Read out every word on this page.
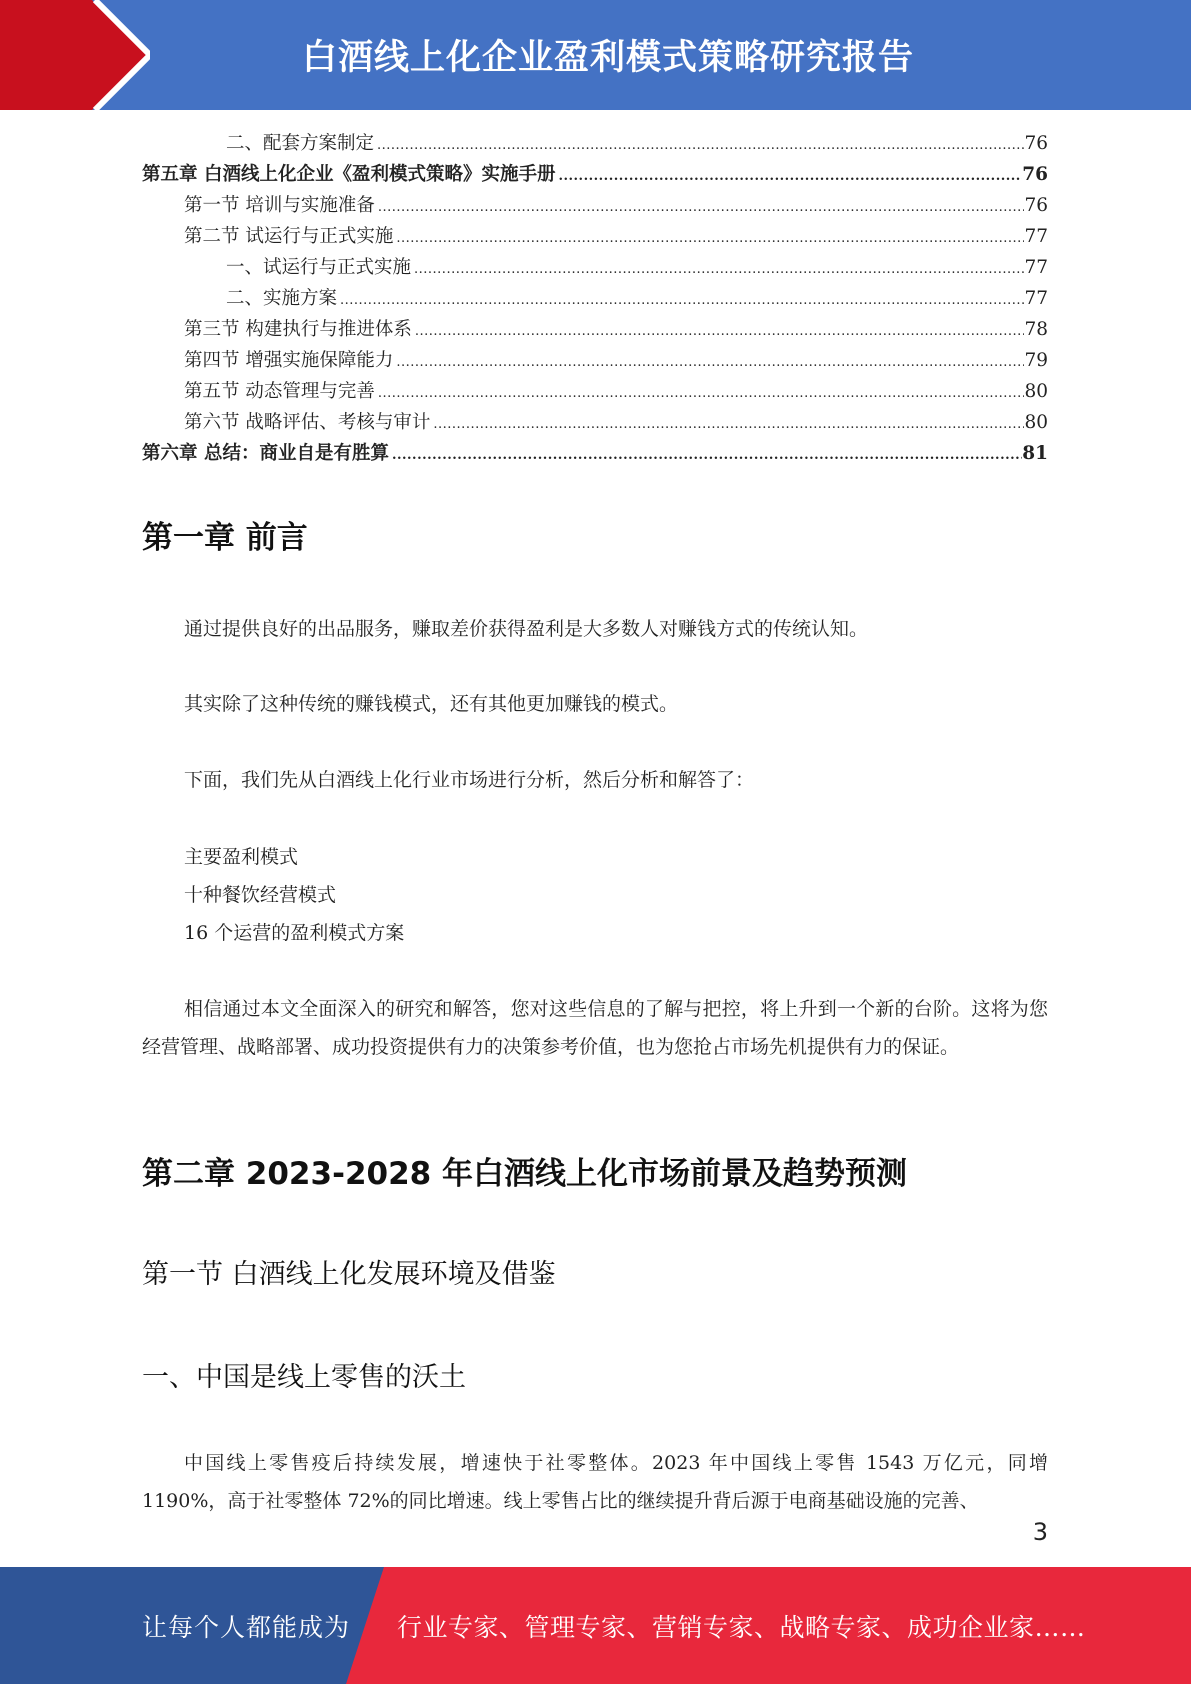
白酒线上化企业盈利模式策略研究报告
二、配套方案制定 .....	76
第五章 白酒线上化企业《盈利模式策略》实施手册 .....	76
第一节 培训与实施准备 .....	76
第二节 试运行与正式实施 .....	77
一、试运行与正式实施 .....	77
二、实施方案 .....	77
第三节 构建执行与推进体系 .....	78
第四节 增强实施保障能力 .....	79
第五节 动态管理与完善 .....	80
第六节 战略评估、考核与审计 .....	80
第六章 总结：商业自是有胜算 .....	81
第一章 前言
通过提供良好的出品服务，赚取差价获得盈利是大多数人对赚钱方式的传统认知。
其实除了这种传统的赚钱模式，还有其他更加赚钱的模式。
下面，我们先从白酒线上化行业市场进行分析，然后分析和解答了：
主要盈利模式
十种餐饮经营模式
16 个运营的盈利模式方案
相信通过本文全面深入的研究和解答，您对这些信息的了解与把控，将上升到一个新的台阶。这将为您经营管理、战略部署、成功投资提供有力的决策参考价值，也为您抢占市场先机提供有力的保证。
第二章 2023-2028 年白酒线上化市场前景及趋势预测
第一节 白酒线上化发展环境及借鉴
一、中国是线上零售的沃土
中国线上零售疫后持续发展，增速快于社零整体。2023 年中国线上零售 1543 万亿元，同增 1190%，高于社零整体 72%的同比增速。线上零售占比的继续提升背后源于电商基础设施的完善、
3
让每个人都能成为 行业专家、管理专家、营销专家、战略专家、成功企业家……
